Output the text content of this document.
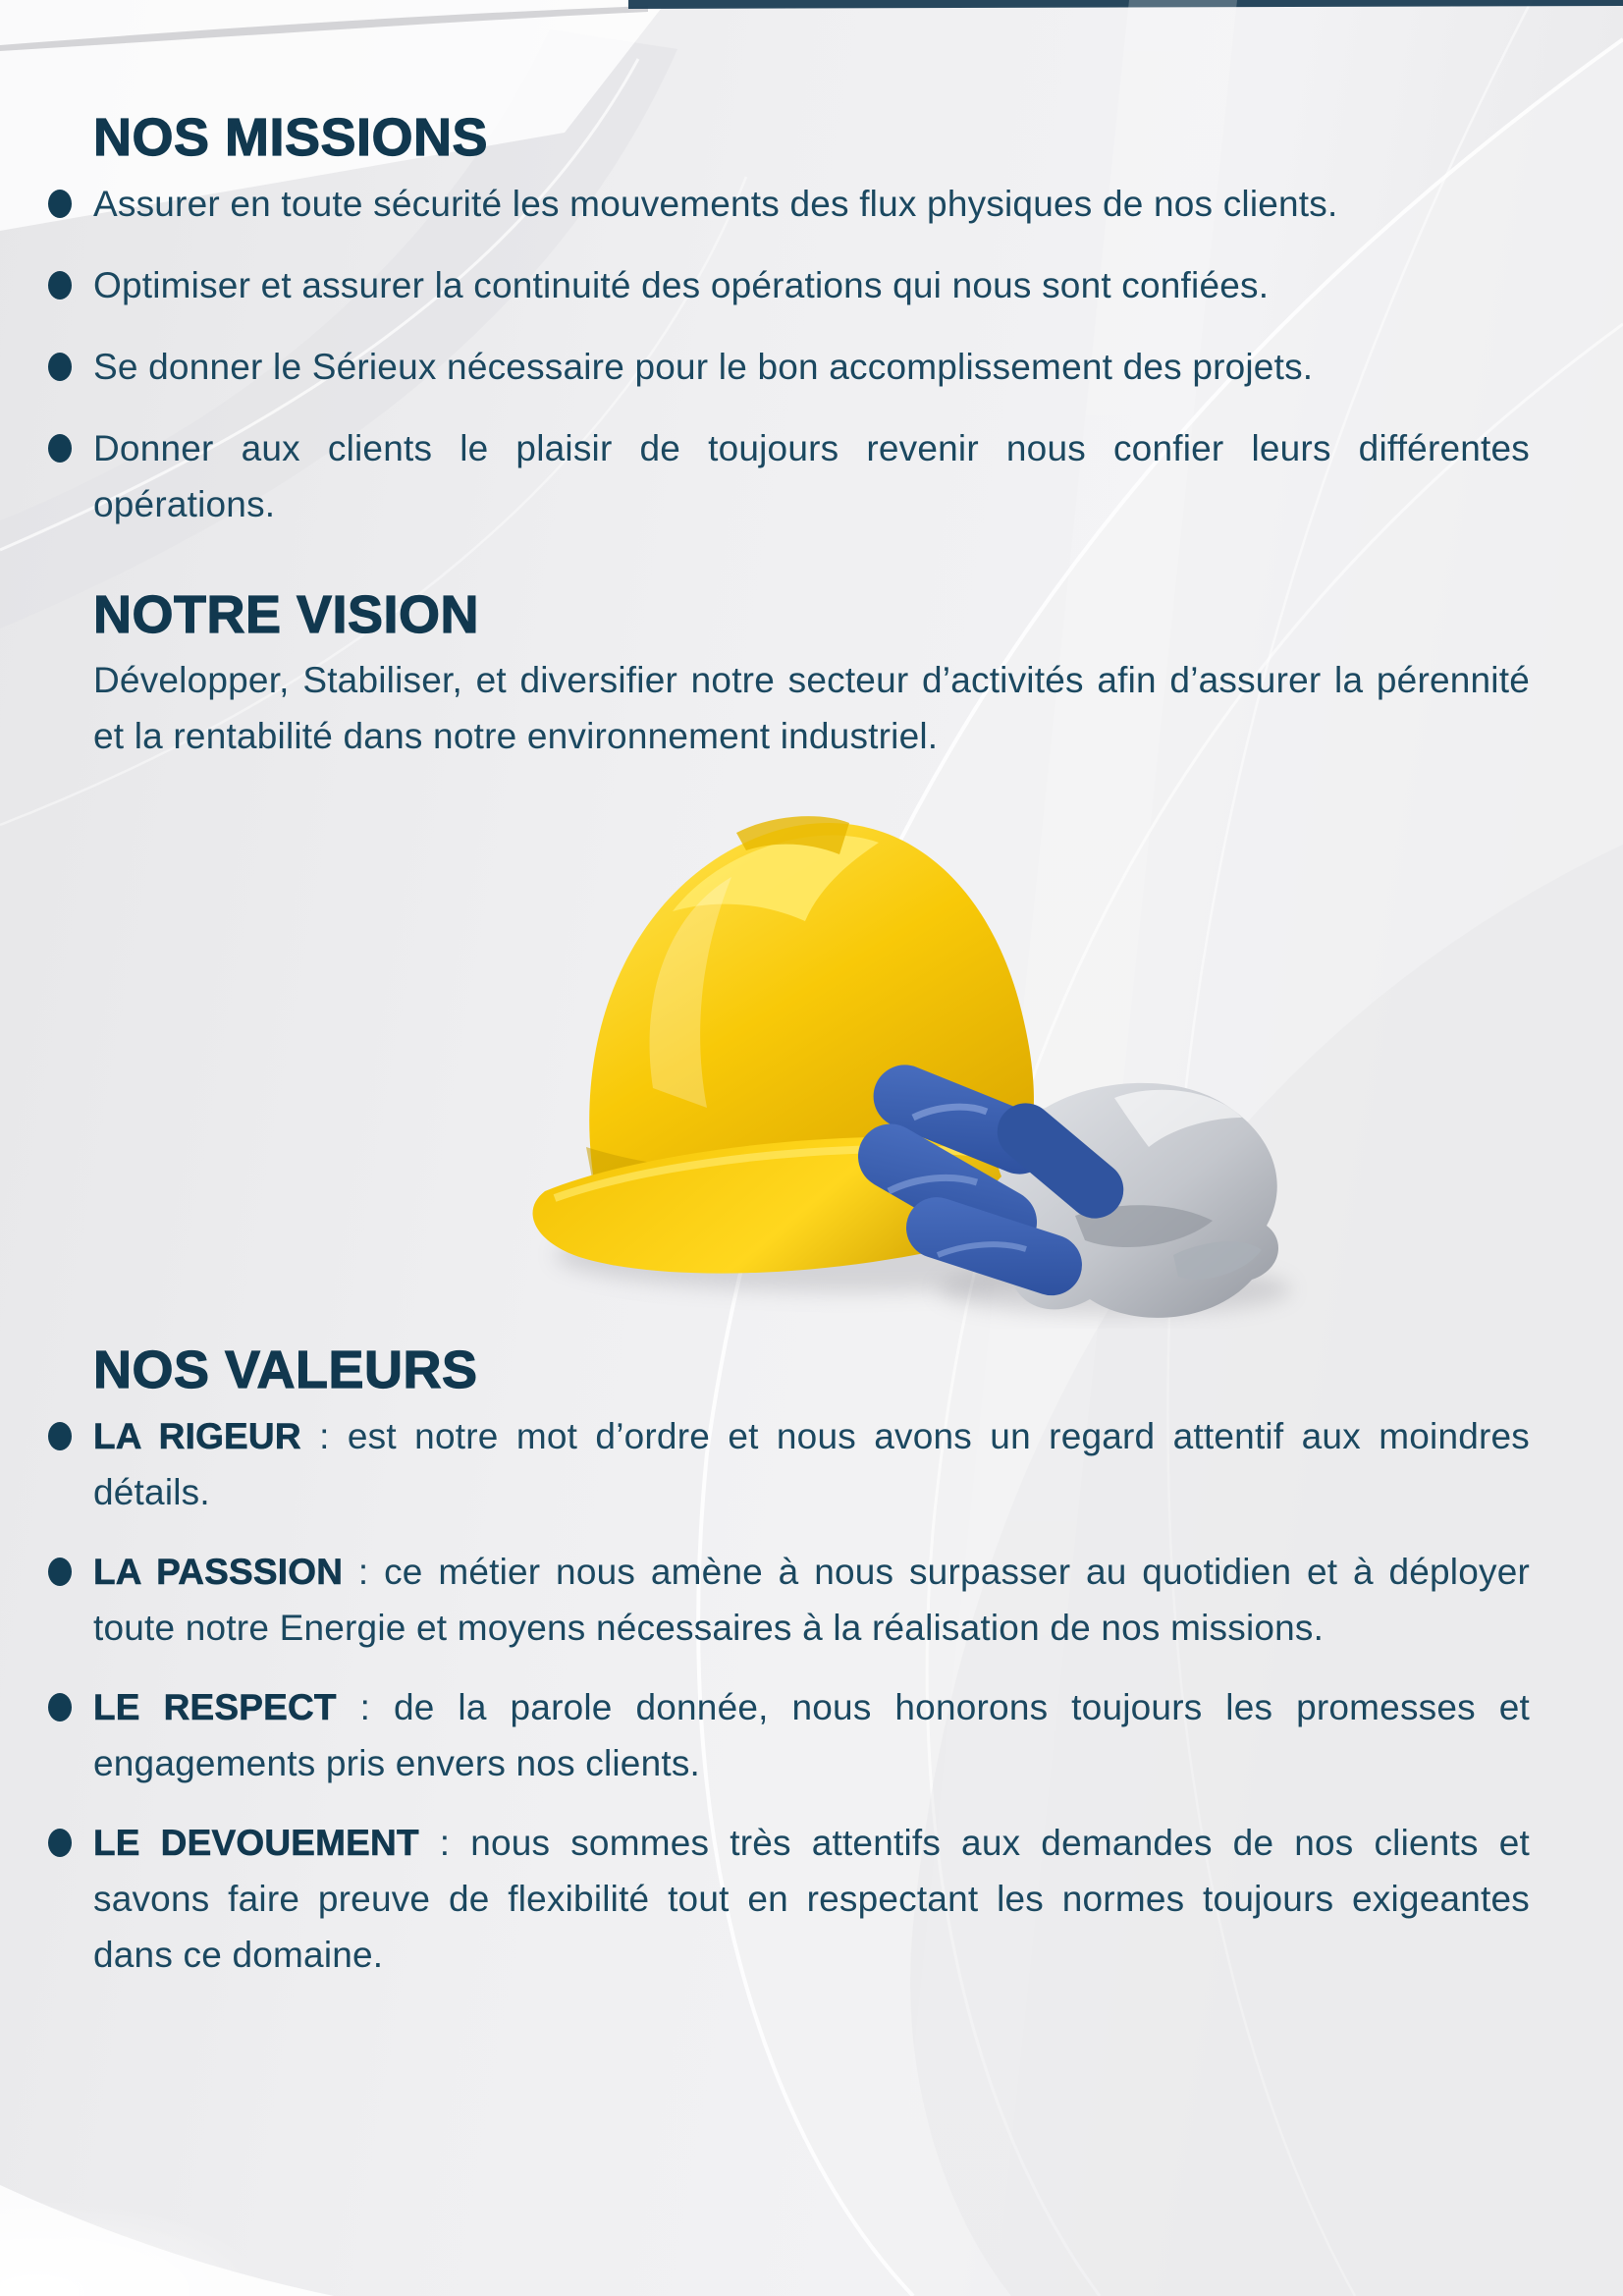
NOS MISSIONS

Assurer en toute sécurité les mouvements des flux physiques de nos clients.

Optimiser et assurer la continuité des opérations qui nous sont confiées.

Se donner le Sérieux nécessaire pour le bon accomplissement des projets.

Donner aux clients le plaisir de toujours revenir nous confier leurs différentes opérations.

NOTRE VISION

Développer, Stabiliser, et diversifier notre secteur d’activités afin d’assurer la pérennité et la rentabilité dans notre environnement industriel.

NOS VALEURS

LA RIGEUR : est notre mot d’ordre et nous avons un regard attentif aux moindres détails.

LA PASSSION : ce métier nous amène à nous surpasser au quotidien et à déployer toute notre Energie et moyens nécessaires à la réalisation de nos missions.

LE RESPECT : de la parole donnée, nous honorons toujours les promesses et engagements pris envers nos clients.

LE DEVOUEMENT : nous sommes très attentifs aux demandes de nos clients et savons faire preuve de flexibilité tout en respectant les normes toujours exigeantes dans ce domaine.
